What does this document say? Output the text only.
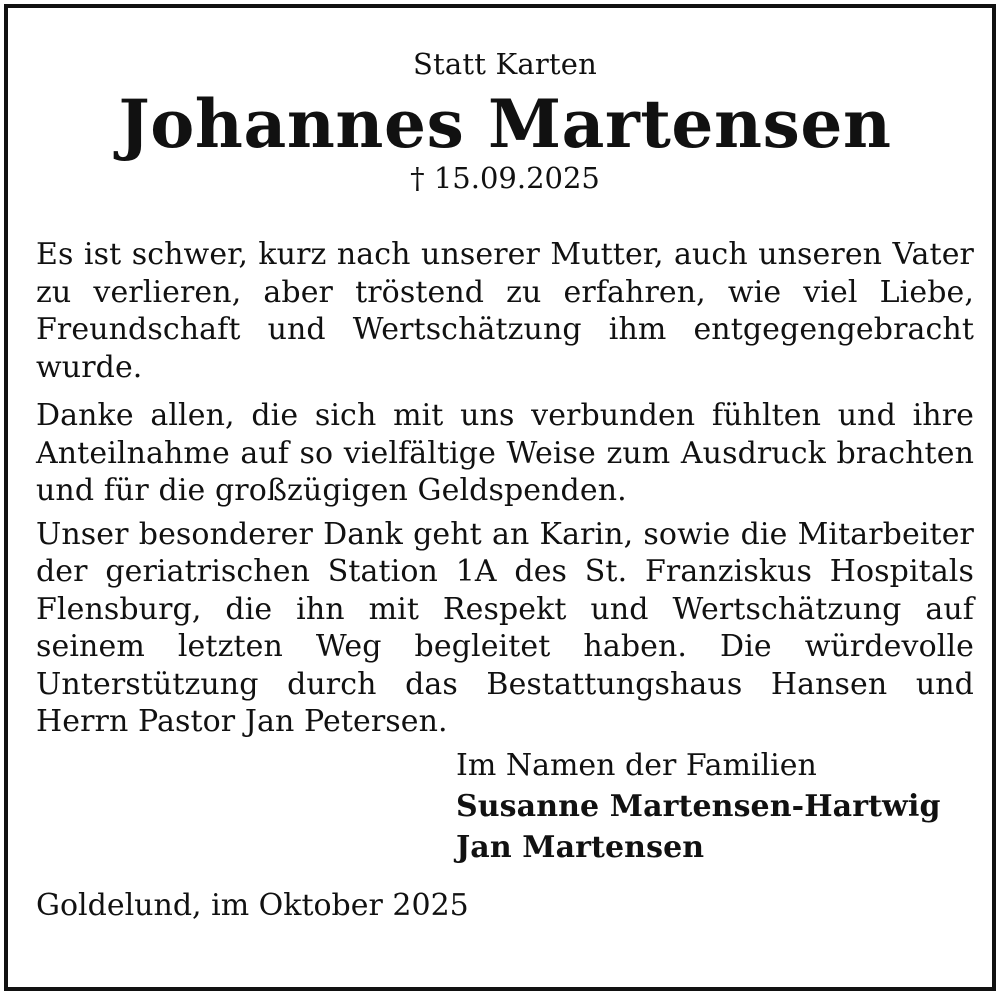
Statt Karten
Johannes Martensen
† 15.09.2025

Es ist schwer, kurz nach unserer Mutter, auch unseren Vater zu verlieren, aber tröstend zu erfahren, wie viel Liebe, Freundschaft und Wertschätzung ihm entgegengebracht wurde.

Danke allen, die sich mit uns verbunden fühlten und ihre Anteilnahme auf so vielfältige Weise zum Ausdruck brachten und für die großzügigen Geldspenden.

Unser besonderer Dank geht an Karin, sowie die Mitarbeiter der geriatrischen Station 1A des St. Franziskus Hospitals Flensburg, die ihn mit Respekt und Wertschätzung auf seinem letzten Weg begleitet haben. Die würdevolle Unterstützung durch das Bestattungshaus Hansen und Herrn Pastor Jan Petersen.

Im Namen der Familien
Susanne Martensen-Hartwig
Jan Martensen
Goldelund, im Oktober 2025
